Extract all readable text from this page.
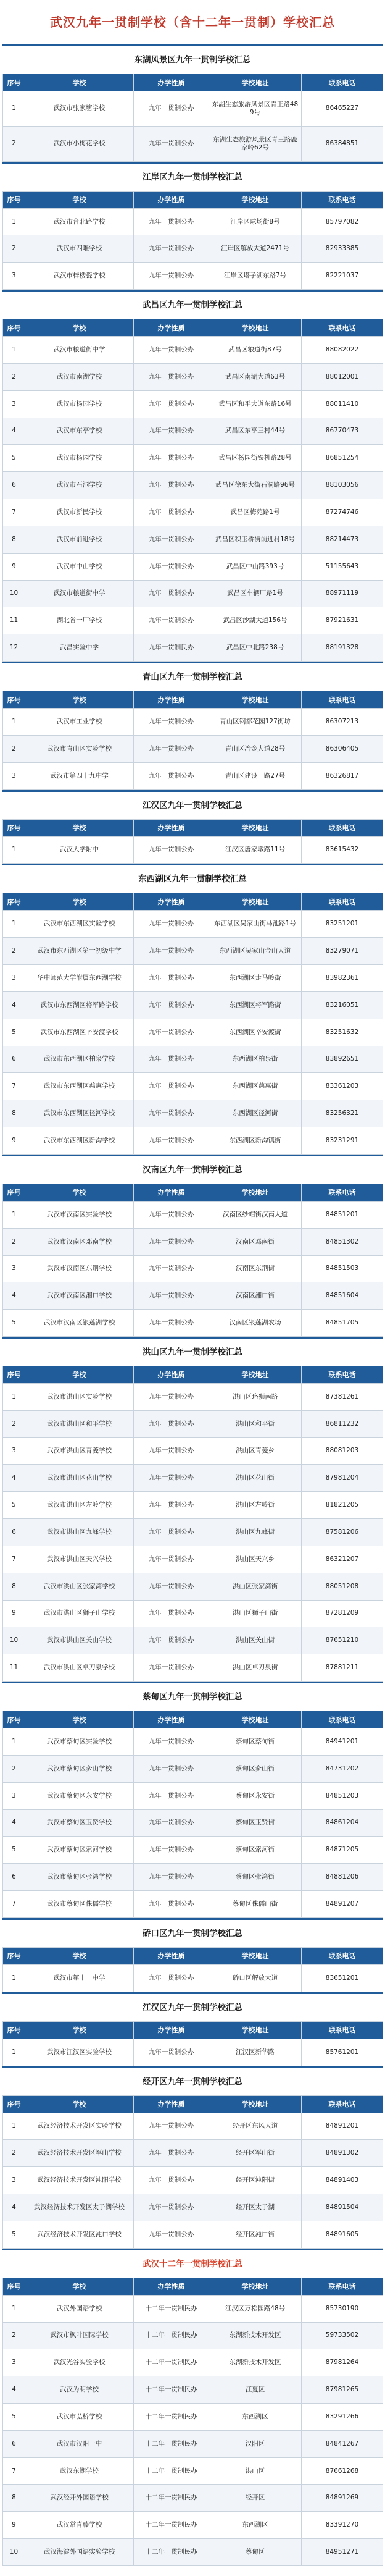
武汉九年一贯制学校（含十二年一贯制）学校汇总
东湖风景区九年一贯制学校汇总
序号	学校	办学性质	学校地址	联系电话
1	武汉市张家塘学校	九年一贯制公办	东湖生态旅游风景区青王路489号	86465227
2	武汉市小梅花学校	九年一贯制公办	东湖生态旅游风景区青王路鹿家岭62号	86384851
江岸区九年一贯制学校汇总
序号	学校	办学性质	学校地址	联系电话
1	武汉市台北路学校	九年一贯制公办	江岸区球场街8号	85797082
2	武汉市四唯学校	九年一贯制公办	江岸区解放大道2471号	82933385
3	武汉市梓楼瓷学校	九年一贯制公办	江岸区塔子湖东路7号	82221037
武昌区九年一贯制学校汇总
序号	学校	办学性质	学校地址	联系电话
1	武汉市粮道街中学	九年一贯制公办	武昌区粮道街87号	88082022
2	武汉市南湖学校	九年一贯制公办	武昌区南湖大道63号	88012001
3	武汉市杨园学校	九年一贯制公办	武昌区和平大道东路16号	88011410
4	武汉市东亭学校	九年一贯制公办	武昌区东亭三村44号	86770473
5	武汉市杨园学校	九年一贯制公办	武昌区杨园街铁机路28号	86851254
6	武汉市石洞学校	九年一贯制公办	武昌区徐东大街石洞路96号	88103056
7	武汉市新民学校	九年一贯制公办	武昌区梅苑路1号	87274746
8	武汉市前进学校	九年一贯制公办	武昌区积玉桥街前进村18号	88214473
9	武汉市中山学校	九年一贯制公办	武昌区中山路393号	51155643
10	武汉市粮道街中学	九年一贯制公办	武昌区车辆厂路1号	88971119
11	湖北省一厂学校	九年一贯制公办	武昌区沙湖大道156号	87921631
12	武昌实验中学	九年一贯制民办	武昌区中北路238号	88191328
青山区九年一贯制学校汇总
序号	学校	办学性质	学校地址	联系电话
1	武汉市工业学校	九年一贯制公办	青山区钢都花园127街坊	86307213
2	武汉市青山区实验学校	九年一贯制公办	青山区冶金大道28号	86306405
3	武汉市第四十九中学	九年一贯制公办	青山区建设一路27号	86326817
江汉区九年一贯制学校汇总
序号	学校	办学性质	学校地址	联系电话
1	武汉大学附中	九年一贯制公办	江汉区唐家墩路11号	83615432
东西湖区九年一贯制学校汇总
序号	学校	办学性质	学校地址	联系电话
1	武汉市东西湖区实验学校	九年一贯制公办	东西湖区吴家山街马池路1号	83251201
2	武汉市东西湖区第一初级中学	九年一贯制公办	东西湖区吴家山金山大道	83279071
3	华中师范大学附属东西湖学校	九年一贯制公办	东西湖区走马岭街	83982361
4	武汉市东西湖区将军路学校	九年一贯制公办	东西湖区将军路街	83216051
5	武汉市东西湖区辛安渡学校	九年一贯制公办	东西湖区辛安渡街	83251632
6	武汉市东西湖区柏泉学校	九年一贯制公办	东西湖区柏泉街	83892651
7	武汉市东西湖区慈惠学校	九年一贯制公办	东西湖区慈惠街	83361203
8	武汉市东西湖区径河学校	九年一贯制公办	东西湖区径河街	83256321
9	武汉市东西湖区新沟学校	九年一贯制公办	东西湖区新沟镇街	83231291
汉南区九年一贯制学校汇总
序号	学校	办学性质	学校地址	联系电话
1	武汉市汉南区实验学校	九年一贯制公办	汉南区纱帽街汉南大道	84851201
2	武汉市汉南区邓南学校	九年一贯制公办	汉南区邓南街	84851302
3	武汉市汉南区东荆学校	九年一贯制公办	汉南区东荆街	84851503
4	武汉市汉南区湘口学校	九年一贯制公办	汉南区湘口街	84851604
5	武汉市汉南区银莲湖学校	九年一贯制公办	汉南区银莲湖农场	84851705
洪山区九年一贯制学校汇总
序号	学校	办学性质	学校地址	联系电话
1	武汉市洪山区实验学校	九年一贯制公办	洪山区珞狮南路	87381261
2	武汉市洪山区和平学校	九年一贯制公办	洪山区和平街	86811232
3	武汉市洪山区青菱学校	九年一贯制公办	洪山区青菱乡	88081203
4	武汉市洪山区花山学校	九年一贯制公办	洪山区花山街	87981204
5	武汉市洪山区左岭学校	九年一贯制公办	洪山区左岭街	81821205
6	武汉市洪山区九峰学校	九年一贯制公办	洪山区九峰街	87581206
7	武汉市洪山区天兴学校	九年一贯制公办	洪山区天兴乡	86321207
8	武汉市洪山区张家湾学校	九年一贯制公办	洪山区张家湾街	88051208
9	武汉市洪山区狮子山学校	九年一贯制公办	洪山区狮子山街	87281209
10	武汉市洪山区关山学校	九年一贯制公办	洪山区关山街	87651210
11	武汉市洪山区卓刀泉学校	九年一贯制公办	洪山区卓刀泉街	87881211
蔡甸区九年一贯制学校汇总
序号	学校	办学性质	学校地址	联系电话
1	武汉市蔡甸区实验学校	九年一贯制公办	蔡甸区蔡甸街	84941201
2	武汉市蔡甸区奓山学校	九年一贯制公办	蔡甸区奓山街	84731202
3	武汉市蔡甸区永安学校	九年一贯制公办	蔡甸区永安街	84851203
4	武汉市蔡甸区玉贤学校	九年一贯制公办	蔡甸区玉贤街	84861204
5	武汉市蔡甸区索河学校	九年一贯制公办	蔡甸区索河街	84871205
6	武汉市蔡甸区张湾学校	九年一贯制公办	蔡甸区张湾街	84881206
7	武汉市蔡甸区侏儒学校	九年一贯制公办	蔡甸区侏儒山街	84891207
硚口区九年一贯制学校汇总
序号	学校	办学性质	学校地址	联系电话
1	武汉市第十一中学	九年一贯制公办	硚口区解放大道	83651201
江汉区九年一贯制学校汇总
序号	学校	办学性质	学校地址	联系电话
1	武汉市江汉区实验学校	九年一贯制公办	江汉区新华路	85761201
经开区九年一贯制学校汇总
序号	学校	办学性质	学校地址	联系电话
1	武汉经济技术开发区实验学校	九年一贯制公办	经开区东风大道	84891201
2	武汉经济技术开发区军山学校	九年一贯制公办	经开区军山街	84891302
3	武汉经济技术开发区沌阳学校	九年一贯制公办	经开区沌阳街	84891403
4	武汉经济技术开发区太子湖学校	九年一贯制公办	经开区太子湖	84891504
5	武汉经济技术开发区沌口学校	九年一贯制公办	经开区沌口街	84891605
武汉十二年一贯制学校汇总
序号	学校	办学性质	学校地址	联系电话
1	武汉外国语学校	十二年一贯制民办	江汉区万松园路48号	85730190
2	武汉市枫叶国际学校	十二年一贯制民办	东湖新技术开发区	59733502
3	武汉光谷实验学校	十二年一贯制民办	东湖新技术开发区	87981264
4	武汉为明学校	十二年一贯制民办	江夏区	87981265
5	武汉市弘桥学校	十二年一贯制民办	东西湖区	83291266
6	武汉市汉阳一中	十二年一贯制民办	汉阳区	84841267
7	武汉东湖学校	十二年一贯制民办	洪山区	87661268
8	武汉经开外国语学校	十二年一贯制民办	经开区	84891269
9	武汉常青藤学校	十二年一贯制民办	东西湖区	83391270
10	武汉海淀外国语实验学校	十二年一贯制民办	蔡甸区	84951271
